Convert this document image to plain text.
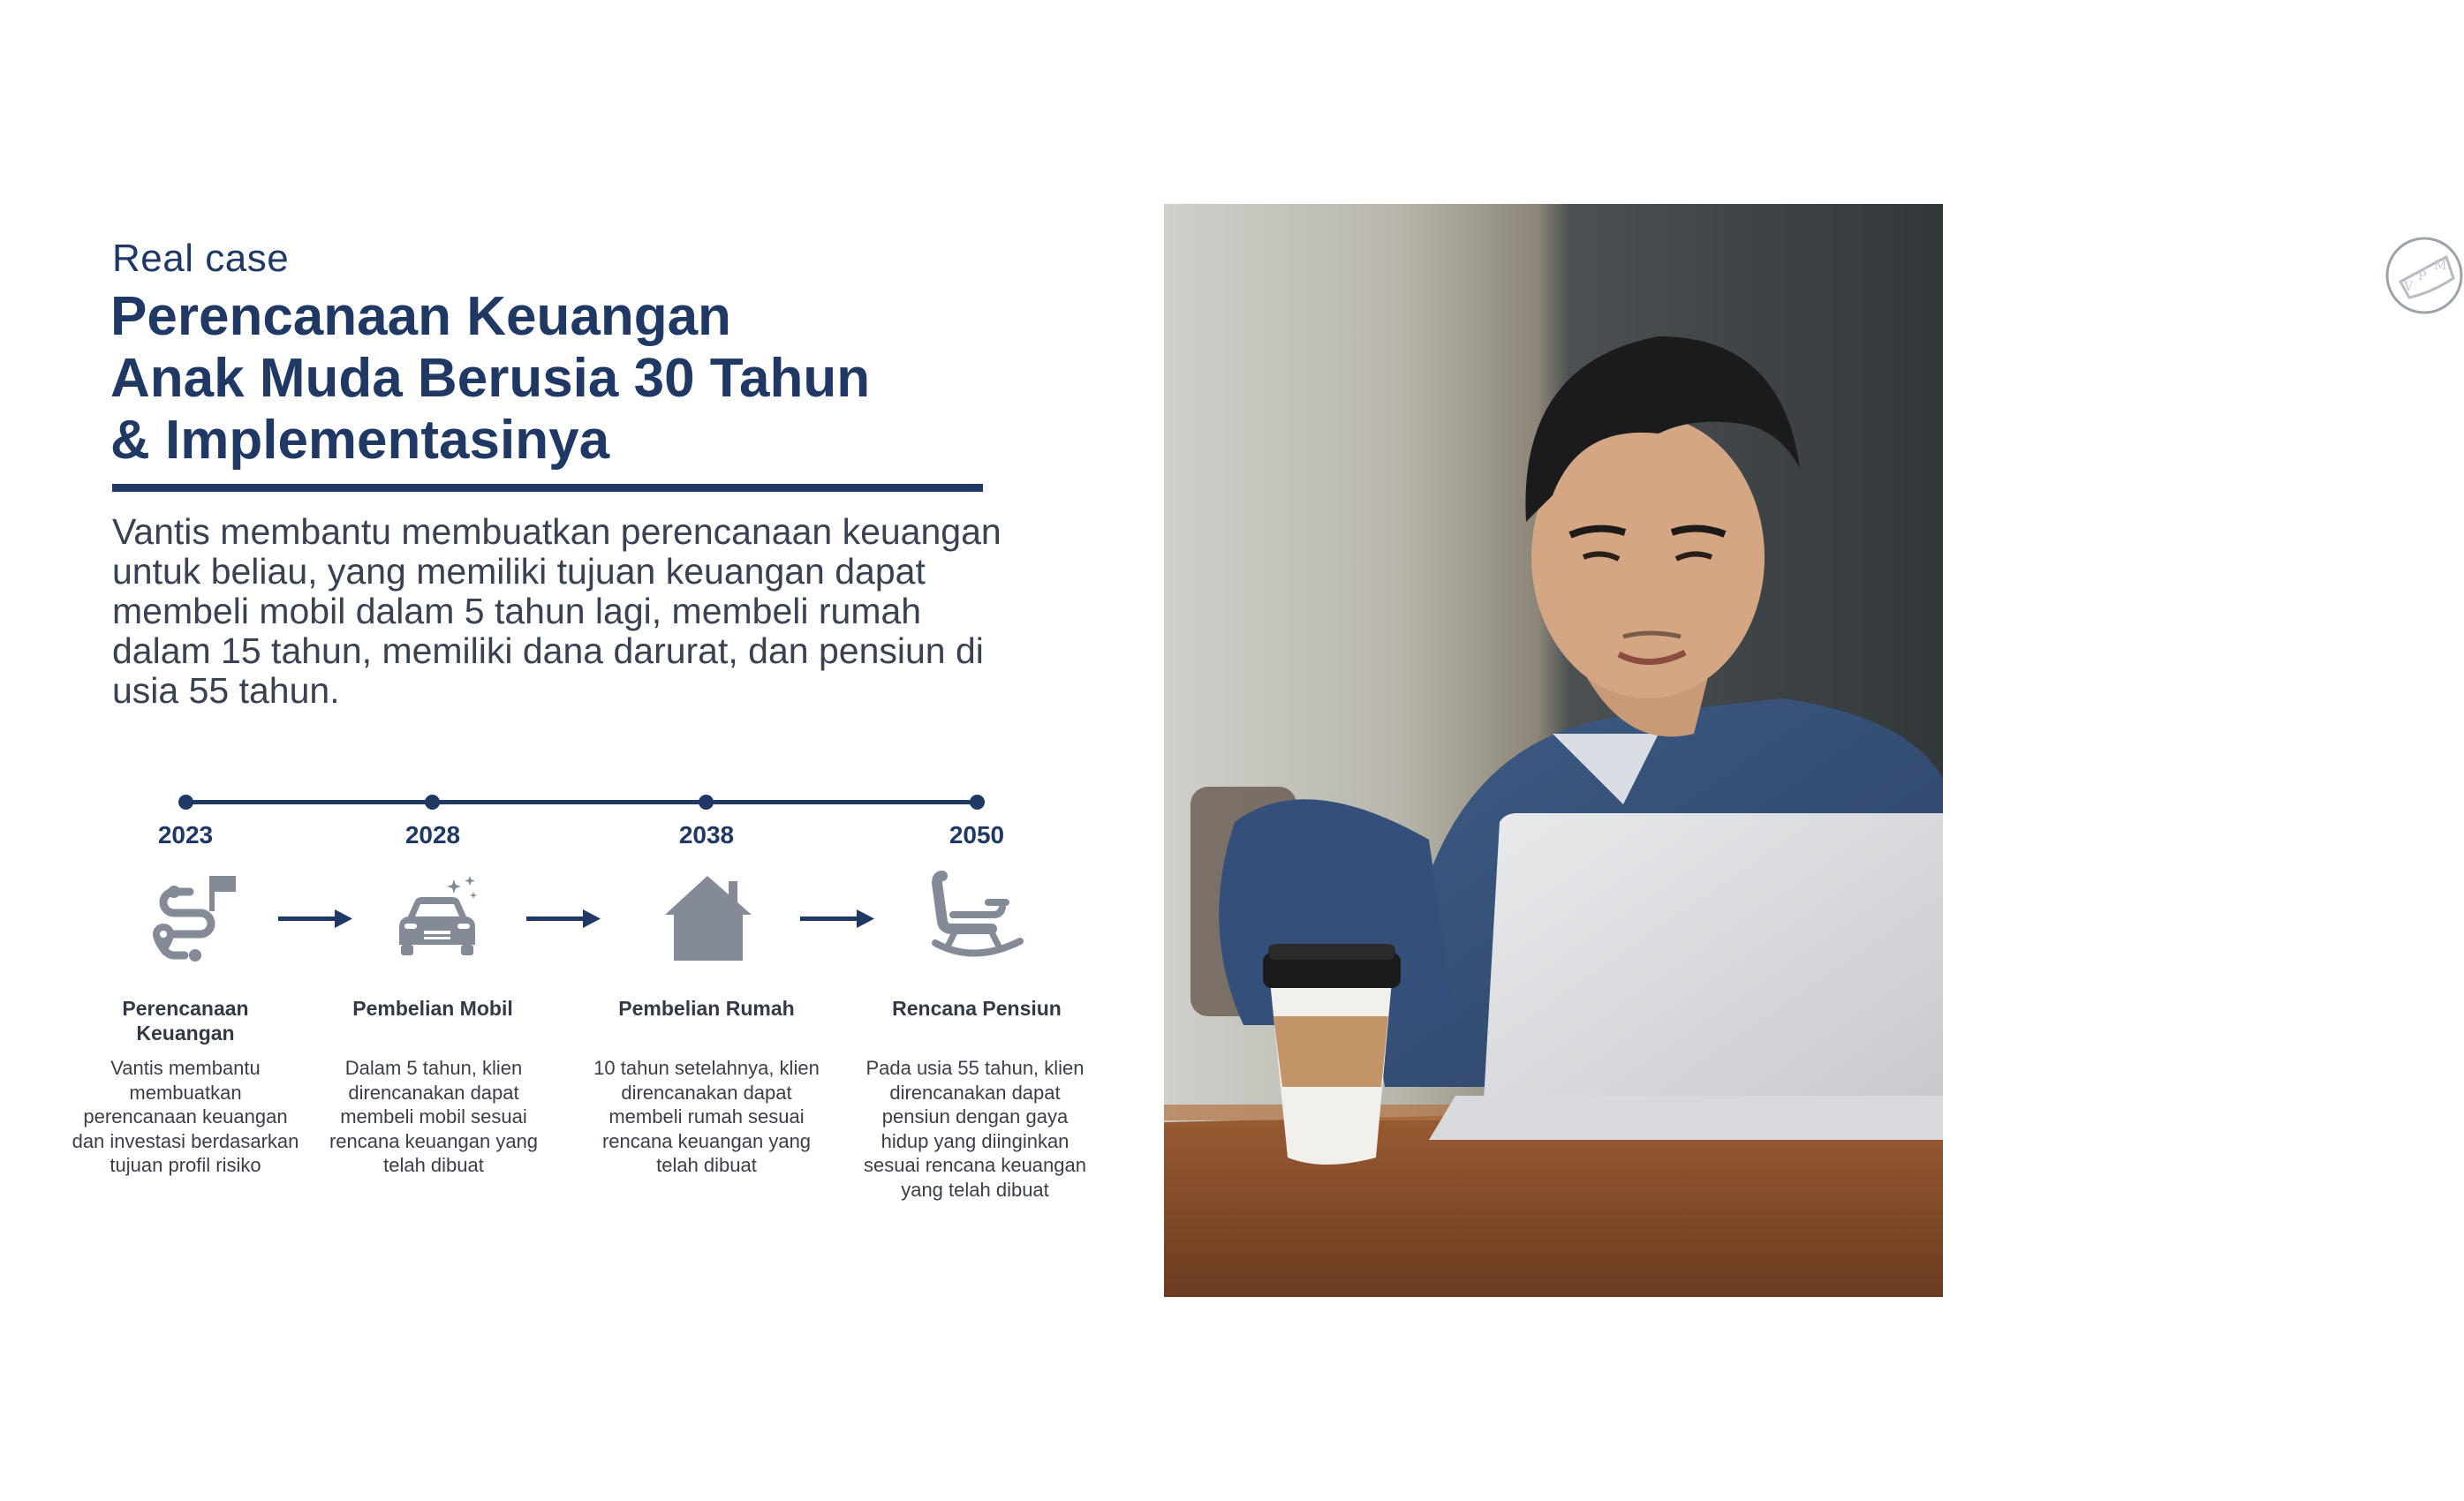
Real case
Perencanaan Keuangan
Anak Muda Berusia 30 Tahun
& Implementasinya

Vantis membantu membuatkan perencanaan keuangan untuk beliau, yang memiliki tujuan keuangan dapat membeli mobil dalam 5 tahun lagi, membeli rumah dalam 15 tahun, memiliki dana darurat, dan pensiun di usia 55 tahun.

2023	2028	2038	2050
Perencanaan
Keuangan
Pembelian Mobil	Pembelian Rumah	Rencana Pensiun
Vantis membantu membuatkan perencanaan keuangan dan investasi berdasarkan tujuan profil risiko
Dalam 5 tahun, klien direncanakan dapat membeli mobil sesuai rencana keuangan yang telah dibuat
10 tahun setelahnya, klien direncanakan dapat membeli rumah sesuai rencana keuangan yang telah dibuat
Pada usia 55 tahun, klien direncanakan dapat pensiun dengan gaya hidup yang diinginkan sesuai rencana keuangan yang telah dibuat
V
P
M
